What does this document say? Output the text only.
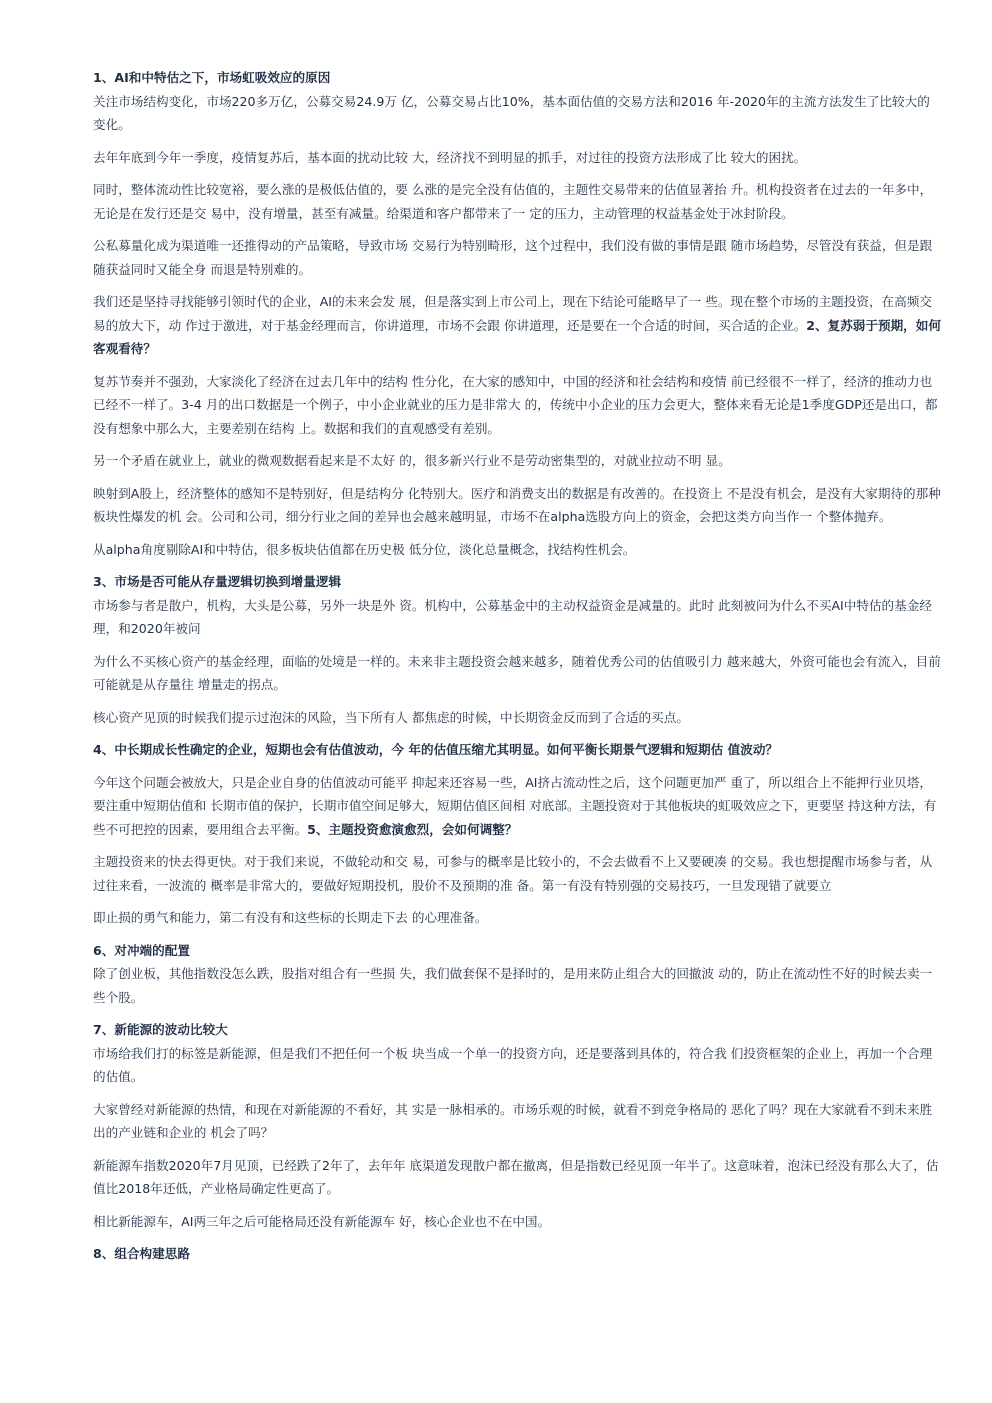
1、AI和中特估之下，市场虹吸效应的原因

关注市场结构变化，市场220多万亿，公募交易24.9万 亿，公募交易占比10%，基本面估值的交易方法和2016 年-2020年的主流方法发生了比较大的变化。

去年年底到今年一季度，疫情复苏后，基本面的扰动比较 大，经济找不到明显的抓手，对过往的投资方法形成了比 较大的困扰。

同时，整体流动性比较宽裕，要么涨的是极低估值的，要 么涨的是完全没有估值的，主题性交易带来的估值显著抬 升。机构投资者在过去的一年多中，无论是在发行还是交 易中，没有增量，甚至有减量。给渠道和客户都带来了一 定的压力，主动管理的权益基金处于冰封阶段。

公私募量化成为渠道唯一还推得动的产品策略，导致市场 交易行为特别畸形，这个过程中，我们没有做的事情是跟 随市场趋势，尽管没有获益，但是跟随获益同时又能全身 而退是特别难的。

我们还是坚持寻找能够引领时代的企业，AI的未来会发 展，但是落实到上市公司上，现在下结论可能略早了一 些。现在整个市场的主题投资，在高频交易的放大下，动 作过于激进，对于基金经理而言，你讲道理，市场不会跟 你讲道理，还是要在一个合适的时间，买合适的企业。2、复苏弱于预期，如何客观看待？

复苏节奏并不强劲，大家淡化了经济在过去几年中的结构 性分化，在大家的感知中，中国的经济和社会结构和疫情 前已经很不一样了，经济的推动力也已经不一样了。3-4 月的出口数据是一个例子，中小企业就业的压力是非常大 的，传统中小企业的压力会更大，整体来看无论是1季度GDP还是出口，都没有想象中那么大，主要差别在结构 上。数据和我们的直观感受有差别。

另一个矛盾在就业上，就业的微观数据看起来是不太好 的，很多新兴行业不是劳动密集型的，对就业拉动不明 显。

映射到A股上，经济整体的感知不是特别好，但是结构分 化特别大。医疗和消费支出的数据是有改善的。在投资上 不是没有机会，是没有大家期待的那种板块性爆发的机 会。公司和公司，细分行业之间的差异也会越来越明显，市场不在alpha选股方向上的资金，会把这类方向当作一 个整体抛弃。

从alpha角度剔除AI和中特估，很多板块估值都在历史极 低分位，淡化总量概念，找结构性机会。

3、市场是否可能从存量逻辑切换到增量逻辑

市场参与者是散户，机构，大头是公募，另外一块是外 资。机构中，公募基金中的主动权益资金是减量的。此时 此刻被问为什么不买AI中特估的基金经理，和2020年被问

为什么不买核心资产的基金经理，面临的处境是一样的。未来非主题投资会越来越多，随着优秀公司的估值吸引力 越来越大，外资可能也会有流入，目前可能就是从存量往 增量走的拐点。

核心资产见顶的时候我们提示过泡沫的风险，当下所有人 都焦虑的时候，中长期资金反而到了合适的买点。

4、中长期成长性确定的企业，短期也会有估值波动，今 年的估值压缩尤其明显。如何平衡长期景气逻辑和短期估 值波动？

今年这个问题会被放大，只是企业自身的估值波动可能平 抑起来还容易一些，AI挤占流动性之后，这个问题更加严 重了，所以组合上不能押行业贝塔，要注重中短期估值和 长期市值的保护，长期市值空间足够大，短期估值区间相 对底部。主题投资对于其他板块的虹吸效应之下，更要坚 持这种方法，有些不可把控的因素，要用组合去平衡。5、主题投资愈演愈烈，会如何调整？

主题投资来的快去得更快。对于我们来说，不做轮动和交 易，可参与的概率是比较小的，不会去做看不上又要硬凑 的交易。我也想提醒市场参与者，从过往来看，一波流的 概率是非常大的，要做好短期投机，股价不及预期的准 备。第一有没有特别强的交易技巧，一旦发现错了就要立

即止损的勇气和能力，第二有没有和这些标的长期走下去 的心理准备。

6、对冲端的配置

除了创业板，其他指数没怎么跌，股指对组合有一些损 失，我们做套保不是择时的，是用来防止组合大的回撤波 动的，防止在流动性不好的时候去卖一些个股。

7、新能源的波动比较大

市场给我们打的标签是新能源，但是我们不把任何一个板 块当成一个单一的投资方向，还是要落到具体的，符合我 们投资框架的企业上，再加一个合理的估值。

大家曾经对新能源的热情，和现在对新能源的不看好，其 实是一脉相承的。市场乐观的时候，就看不到竞争格局的 恶化了吗？现在大家就看不到未来胜出的产业链和企业的 机会了吗？

新能源车指数2020年7月见顶，已经跌了2年了，去年年 底渠道发现散户都在撤离，但是指数已经见顶一年半了。这意味着，泡沫已经没有那么大了，估值比2018年还低，产业格局确定性更高了。

相比新能源车，AI两三年之后可能格局还没有新能源车 好，核心企业也不在中国。

8、组合构建思路
